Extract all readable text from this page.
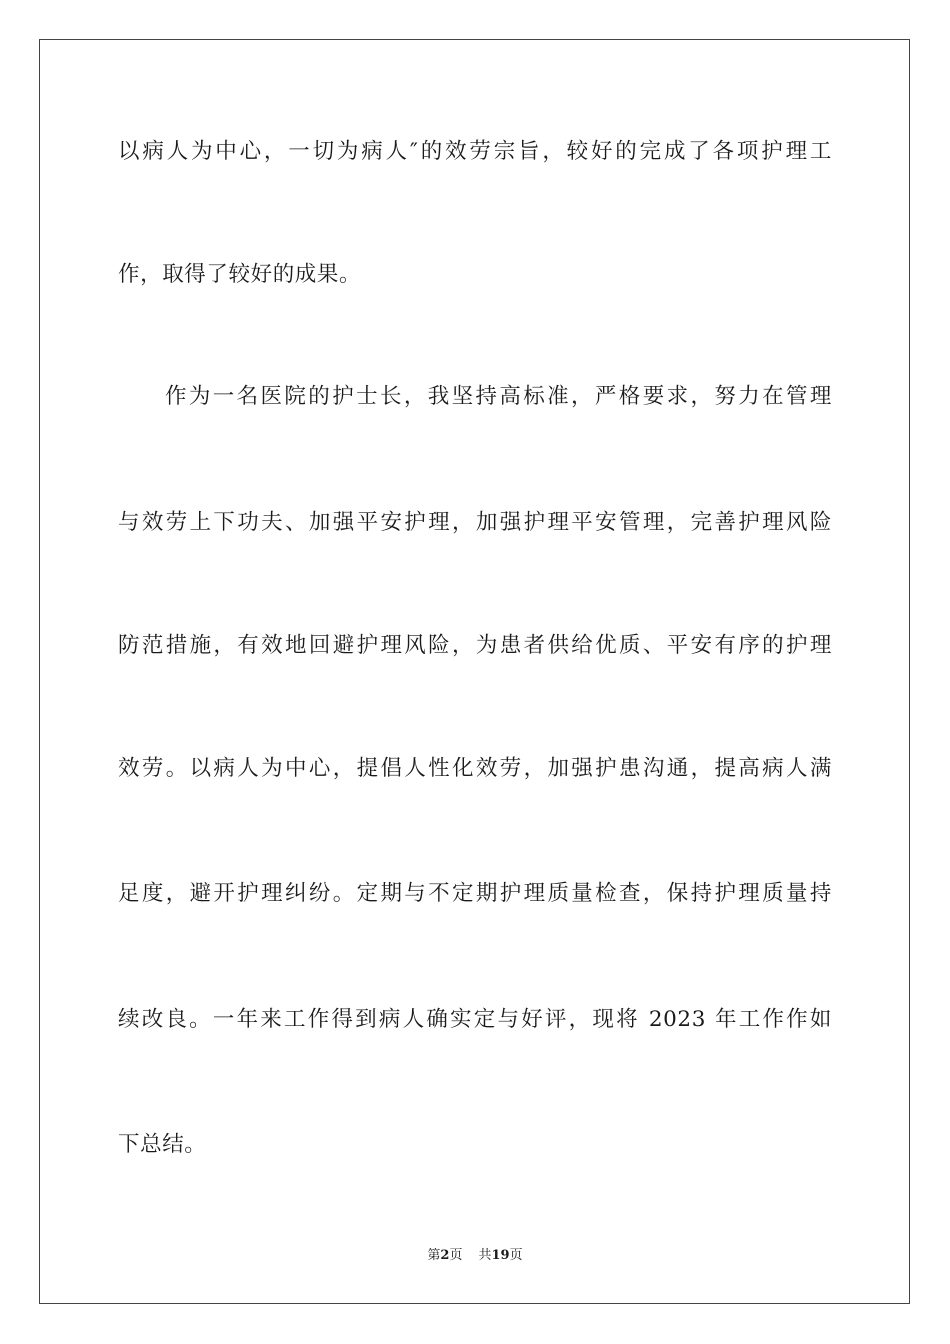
以病人为中心，一切为病人″的效劳宗旨，较好的完成了各项护理工
作，取得了较好的成果。
作为一名医院的护士长，我坚持高标准，严格要求，努力在管理
与效劳上下功夫、加强平安护理，加强护理平安管理，完善护理风险
防范措施，有效地回避护理风险，为患者供给优质、平安有序的护理
效劳。以病人为中心，提倡人性化效劳，加强护患沟通，提高病人满
足度，避开护理纠纷。定期与不定期护理质量检查，保持护理质量持
续改良。一年来工作得到病人确实定与好评，现将 2023 年工作作如
下总结。
第2页 共19页
